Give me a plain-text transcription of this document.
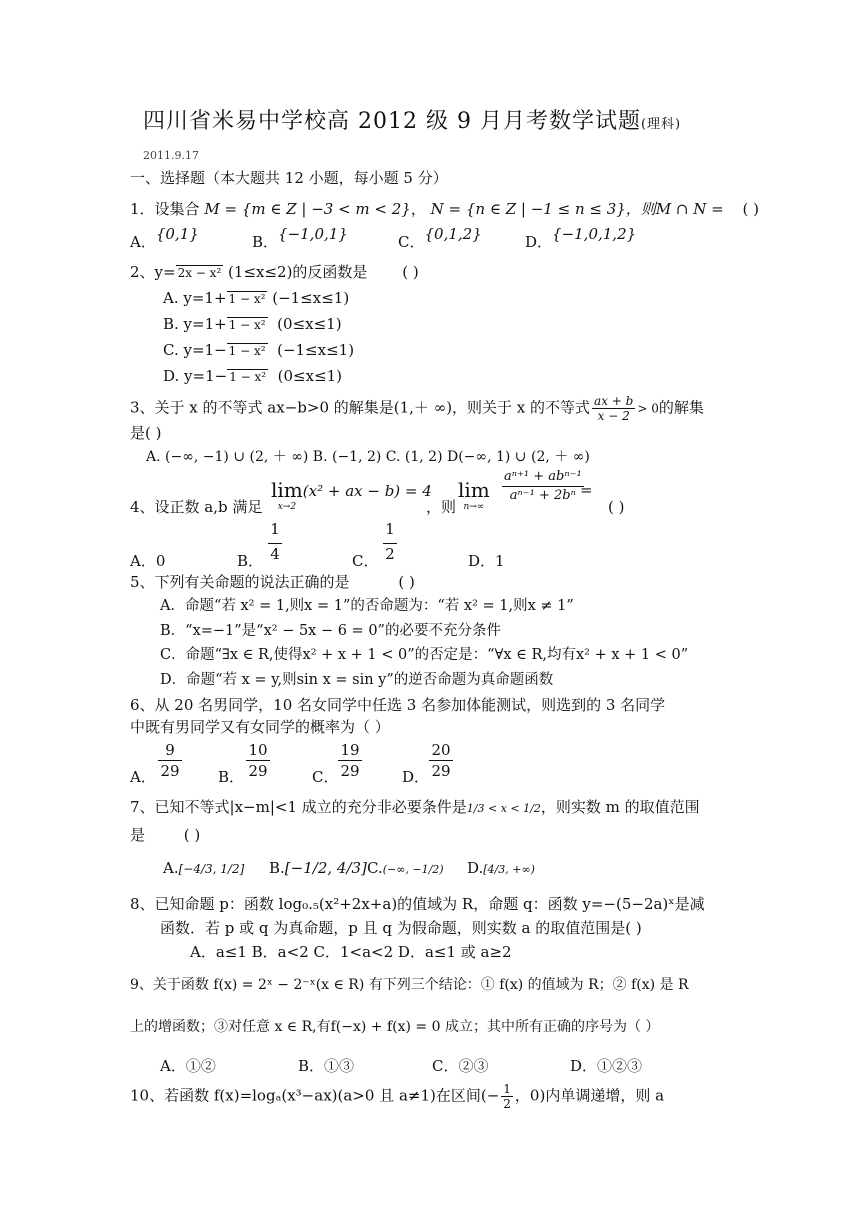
四川省米易中学校高 2012 级 9 月月考数学试题(理科)
2011.9.17
一、选择题（本大题共 12 小题，每小题 5 分）
1．设集合 M = {m ∈ Z | −3 < m < 2}， N = {n ∈ Z | −1 ≤ n ≤ 3}，则M ∩ N = ( )
A．{0,1}	B．{−1,0,1}	C．{0,1,2}	D．{−1,0,1,2}
2、y= 2x − x² (1≤x≤2)的反函数是 ( )
A. y=1+ 1 − x² (−1≤x≤1)
B. y=1+ 1 − x² (0≤x≤1)
C. y=1− 1 − x² (−1≤x≤1)
D. y=1− 1 − x² (0≤x≤1)
3、关于 x 的不等式 ax−b>0 的解集是(1,＋ ∞)，则关于 x 的不等式 $\frac{ax + b}{x - 2} > 0$的解集
是( )
A. (−∞, −1) ∪ (2, ＋ ∞) B. (−1, 2) C. (1, 2) D(−∞, 1) ∪ (2, ＋ ∞)
4、设正数 a,b 满足
lim
x→2
(x² + ax − b) = 4
，则
lim
n→∞
$\frac{\text{aⁿ⁺¹ + abⁿ⁻¹}}{\text{aⁿ⁻¹ + 2bⁿ}}$
=
( )
A．0	B．
1
4	C．
1
2	D．1
5、下列有关命题的说法正确的是	( )
A．命题“若 x² = 1,则x = 1”的否命题为：“若 x² = 1,则x ≠ 1”
B．“x=−1”是“x² − 5x − 6 = 0”的必要不充分条件
C．命题“∃x ∈ R,使得x² + x + 1 < 0”的否定是：“∀x ∈ R,均有x² + x + 1 < 0”
D．命题“若 x = y,则sin x = sin y”的逆否命题为真命题函数
6、从 20 名男同学，10 名女同学中任选 3 名参加体能测试，则选到的 3 名同学
中既有男同学又有女同学的概率为（ ）
A．
9
29	B．
10
29	C．
19
29	D．
20
29
7、已知不等式|x−m|<1 成立的充分非必要条件是1/3 < x < 1/2，则实数 m 的取值范围
是	( )
A.[−4/3, 1/2] B.[−1/2, 4/3] C.(−∞, −1/2) D.[4/3, +∞)
8、已知命题 p：函数 log₀.₅(x²+2x+a)的值域为 R，命题 q：函数 y=−(5−2a)ˣ是减
函数．若 p 或 q 为真命题，p 且 q 为假命题，则实数 a 的取值范围是( )
A．a≤1 B．a<2 C．1<a<2 D．a≤1 或 a≥2
9、关于函数 f(x) = 2ˣ − 2⁻ˣ(x ∈ R) 有下列三个结论：① f(x) 的值域为 R；② f(x) 是 R
上的增函数；③对任意 x ∈ R,有f(−x) + f(x) = 0 成立；其中所有正确的序号为（ ）
A．①②	B．①③	C．②③	D．①②③
10、若函数 f(x)=logₐ(x³−ax)(a>0 且 a≠1)在区间(− $\frac{1}{2}$ ，0)内单调递增，则 a
